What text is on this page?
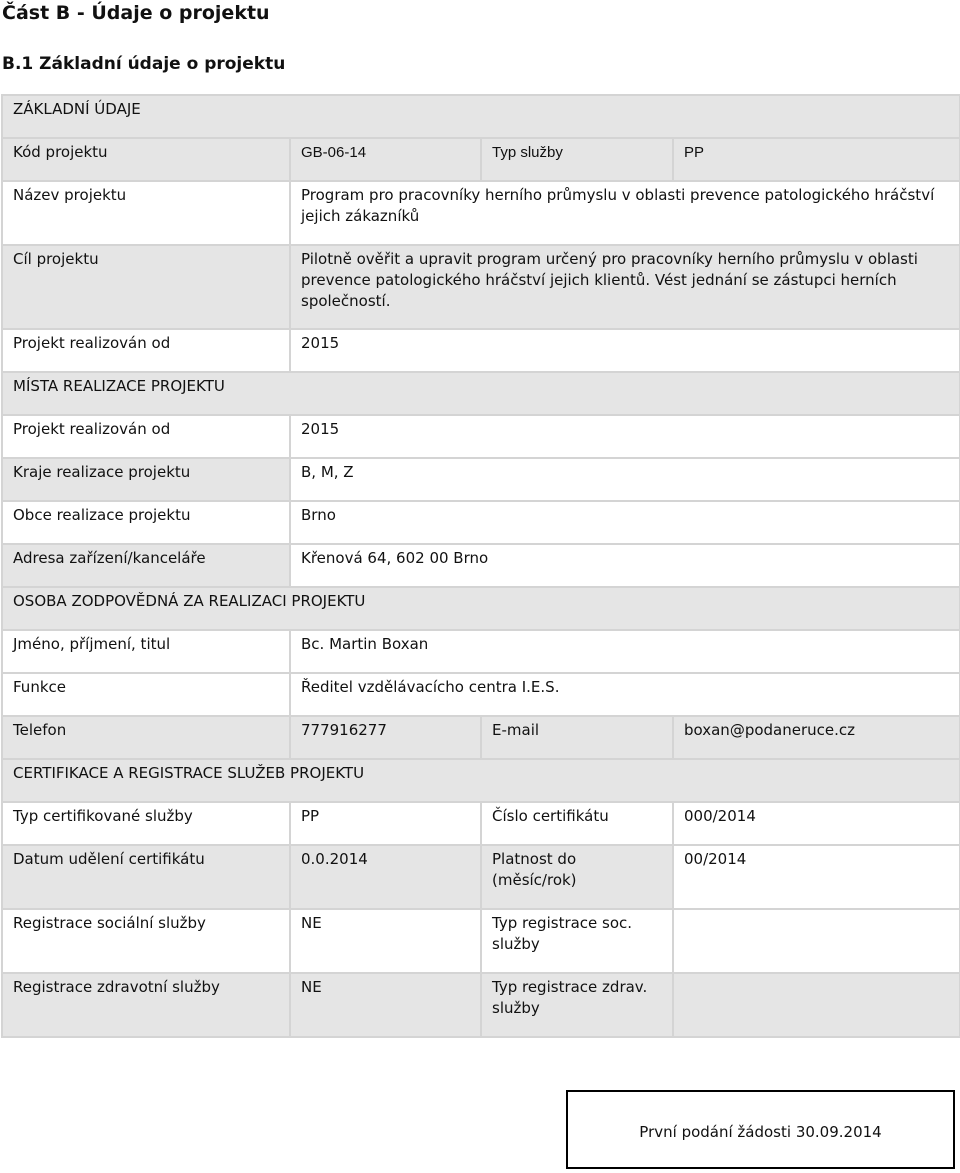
Část B - Údaje o projektu
B.1 Základní údaje o projektu
ZÁKLADNÍ ÚDAJE			
Kód projektu	GB-06-14	Typ služby	PP
Název projektu	Program pro pracovníky herního průmyslu v oblasti prevence patologického hráčství jejich zákazníků		
Cíl projektu	Pilotně ověřit a upravit program určený pro pracovníky herního průmyslu v oblasti prevence patologického hráčství jejich klientů. Vést jednání se zástupci herních společností.		
Projekt realizován od	2015		
MÍSTA REALIZACE PROJEKTU			
Projekt realizován od	2015		
Kraje realizace projektu	B, M, Z		
Obce realizace projektu	Brno		
Adresa zařízení/kanceláře	Křenová 64, 602 00 Brno		
OSOBA ZODPOVĚDNÁ ZA REALIZACI PROJEKTU			
Jméno, příjmení, titul	Bc. Martin Boxan		
Funkce	Ředitel vzdělávacícho centra I.E.S.		
Telefon	777916277	E-mail	boxan@podaneruce.cz
CERTIFIKACE A REGISTRACE SLUŽEB PROJEKTU			
Typ certifikované služby	PP	Číslo certifikátu	000/2014
Datum udělení certifikátu	0.0.2014	Platnost do (měsíc/rok)	00/2014
Registrace sociální služby	NE	Typ registrace soc. služby	
Registrace zdravotní služby	NE	Typ registrace zdrav. služby	
První podání žádosti 30.09.2014
